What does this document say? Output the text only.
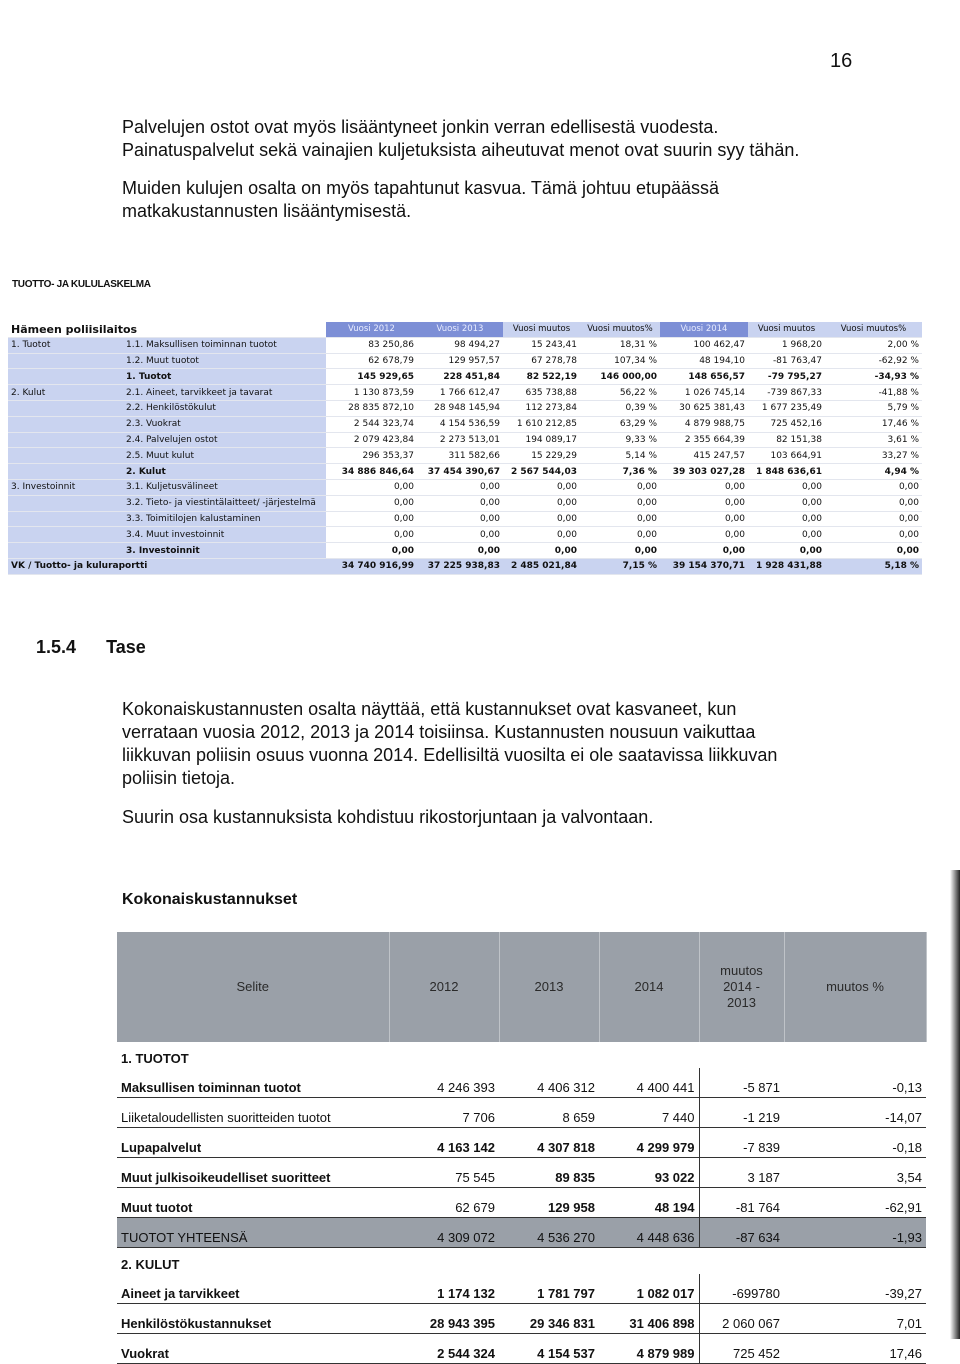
16
Palvelujen ostot ovat myös lisääntyneet jonkin verran edellisestä vuodesta.
Painatuspalvelut sekä vainajien kuljetuksista aiheutuvat menot ovat suurin syy tähän.
Muiden kulujen osalta on myös tapahtunut kasvua. Tämä johtuu etupäässä
matkakustannusten lisääntymisestä.
TUOTTO- JA KULULASKELMA
Hämeen poliisilaitos		Vuosi 2012	Vuosi 2013	Vuosi muutos	Vuosi muutos%	Vuosi 2014	Vuosi muutos	Vuosi muutos%
1. Tuotot	1.1. Maksullisen toiminnan tuotot	83 250,86	98 494,27	15 243,41	18,31 %	100 462,47	1 968,20	2,00 %
	1.2. Muut tuotot	62 678,79	129 957,57	67 278,78	107,34 %	48 194,10	-81 763,47	-62,92 %
	1. Tuotot	145 929,65	228 451,84	82 522,19	146 000,00	148 656,57	-79 795,27	-34,93 %
2. Kulut	2.1. Aineet, tarvikkeet ja tavarat	1 130 873,59	1 766 612,47	635 738,88	56,22 %	1 026 745,14	-739 867,33	-41,88 %
	2.2. Henkilöstökulut	28 835 872,10	28 948 145,94	112 273,84	0,39 %	30 625 381,43	1 677 235,49	5,79 %
	2.3. Vuokrat	2 544 323,74	4 154 536,59	1 610 212,85	63,29 %	4 879 988,75	725 452,16	17,46 %
	2.4. Palvelujen ostot	2 079 423,84	2 273 513,01	194 089,17	9,33 %	2 355 664,39	82 151,38	3,61 %
	2.5. Muut kulut	296 353,37	311 582,66	15 229,29	5,14 %	415 247,57	103 664,91	33,27 %
	2. Kulut	34 886 846,64	37 454 390,67	2 567 544,03	7,36 %	39 303 027,28	1 848 636,61	4,94 %
3. Investoinnit	3.1. Kuljetusvälineet	0,00	0,00	0,00	0,00	0,00	0,00	0,00
	3.2. Tieto- ja viestintälaitteet/ -järjestelmä	0,00	0,00	0,00	0,00	0,00	0,00	0,00
	3.3. Toimitilojen kalustaminen	0,00	0,00	0,00	0,00	0,00	0,00	0,00
	3.4. Muut investoinnit	0,00	0,00	0,00	0,00	0,00	0,00	0,00
	3. Investoinnit	0,00	0,00	0,00	0,00	0,00	0,00	0,00
VK / Tuotto- ja kuluraportti		34 740 916,99	37 225 938,83	2 485 021,84	7,15 %	39 154 370,71	1 928 431,88	5,18 %
1.5.4 Tase
Kokonaiskustannusten osalta näyttää, että kustannukset ovat kasvaneet, kun
verrataan vuosia 2012, 2013 ja 2014 toisiinsa. Kustannusten nousuun vaikuttaa
liikkuvan poliisin osuus vuonna 2014. Edellisiltä vuosilta ei ole saatavissa liikkuvan
poliisin tietoja.
Suurin osa kustannuksista kohdistuu rikostorjuntaan ja valvontaan.
Kokonaiskustannukset
Selite	2012	2013	2014	muutos 2014 - 2013	muutos %
1. TUOTOT					
Maksullisen toiminnan tuotot	4 246 393	4 406 312	4 400 441	-5 871	-0,13
Liiketaloudellisten suoritteiden tuotot	7 706	8 659	7 440	-1 219	-14,07
Lupapalvelut	4 163 142	4 307 818	4 299 979	-7 839	-0,18
Muut julkisoikeudelliset suoritteet	75 545	89 835	93 022	3 187	3,54
Muut tuotot	62 679	129 958	48 194	-81 764	-62,91
TUOTOT YHTEENSÄ	4 309 072	4 536 270	4 448 636	-87 634	-1,93
2. KULUT					
Aineet ja tarvikkeet	1 174 132	1 781 797	1 082 017	-699780	-39,27
Henkilöstökustannukset	28 943 395	29 346 831	31 406 898	2 060 067	7,01
Vuokrat	2 544 324	4 154 537	4 879 989	725 452	17,46
